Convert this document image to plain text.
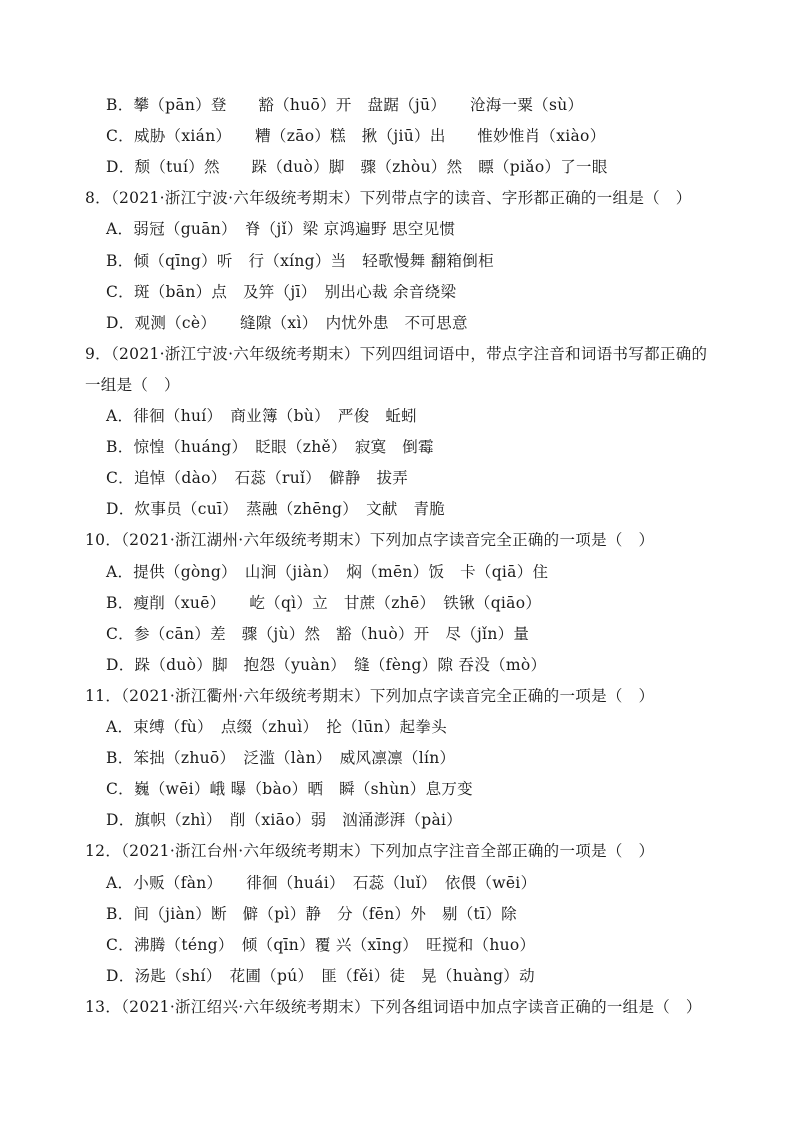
B．攀（pān）登　　豁（huō）开　盘踞（jū）　　沧海一粟（sù）
C．威胁（xián）　　糟（zāo）糕　揪（jiū）出　　惟妙惟肖（xiào）
D．颓（tuí）然　　跺（duò）脚　骤（zhòu）然　瞟（piǎo）了一眼
8．（2021·浙江宁波·六年级统考期末）下列带点字的读音、字形都正确的一组是（　）
A．弱冠（guān）　脊（jǐ）梁 京鸿遍野 思空见惯
B．倾（qīng）听　行（xíng）当　轻歌慢舞 翻箱倒柜
C．斑（bān）点　及笄（jī）　别出心裁 余音绕梁
D．观测（cè）　　缝隙（xì）　内忧外患　不可思意
9．（2021·浙江宁波·六年级统考期末）下列四组词语中，带点字注音和词语书写都正确的
一组是（　）
A．徘徊（huí）　商业簿（bù）　严俊　蚯蚓
B．惊惶（huáng）　眨眼（zhě）　寂寞　倒霉
C．追悼（dào）　石蕊（ruǐ）　僻静　拔弄
D．炊事员（cuī）　蒸融（zhēng）　文献　青脆
10．（2021·浙江湖州·六年级统考期末）下列加点字读音完全正确的一项是（　）
A．提供（gòng）　山涧（jiàn）　焖（mēn）饭　卡（qiā）住
B．瘦削（xuē）　　屹（qì）立　甘蔗（zhē）　铁锹（qiāo）
C．参（cān）差　骤（jù）然　豁（huò）开　尽（jǐn）量
D．跺（duò）脚　抱怨（yuàn）　缝（fèng）隙 吞没（mò）
11．（2021·浙江衢州·六年级统考期末）下列加点字读音完全正确的一项是（　）
A．束缚（fù）　点缀（zhuì）　抡（lūn）起拳头
B．笨拙（zhuō）　泛滥（làn）　威风凛凛（lín）
C．巍（wēi）峨 曝（bào）晒　瞬（shùn）息万变
D．旗帜（zhì）　削（xiāo）弱　汹涌澎湃（pài）
12．（2021·浙江台州·六年级统考期末）下列加点字注音全部正确的一项是（　）
A．小贩（fàn）　　徘徊（huái）　石蕊（luǐ）　依偎（wēi）
B．间（jiàn）断　僻（pì）静　分（fēn）外　剔（tī）除
C．沸腾（téng）　倾（qīn）覆 兴（xīng）　旺搅和（huo）
D．汤匙（shí）　花圃（pú）　匪（fěi）徒　晃（huàng）动
13．（2021·浙江绍兴·六年级统考期末）下列各组词语中加点字读音正确的一组是（　）
